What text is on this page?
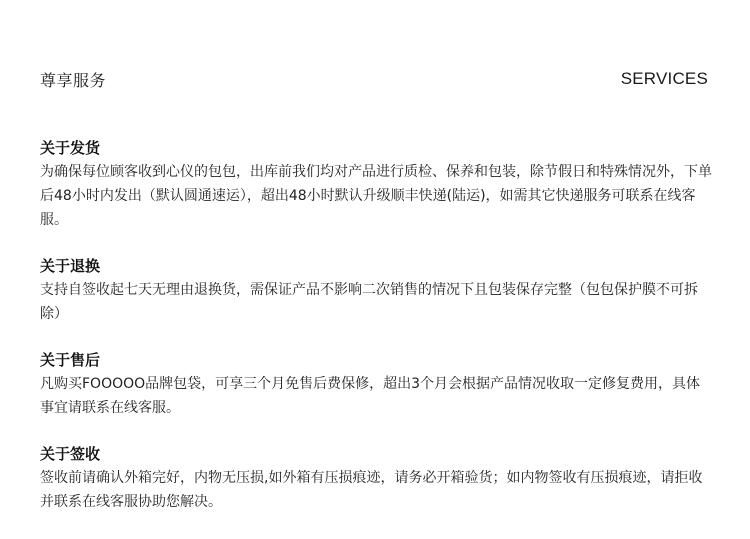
尊享服务	SERVICES
关于发货
为确保每位顾客收到心仪的包包，出库前我们均对产品进行质检、保养和包装，除节假日和特殊情况外，下单后48小时内发出（默认圆通速运），超出48小时默认升级顺丰快递(陆运)，如需其它快递服务可联系在线客服。
关于退换
支持自签收起七天无理由退换货，需保证产品不影响二次销售的情况下且包装保存完整（包包保护膜不可拆除）
关于售后
凡购买FOOOOO品牌包袋，可享三个月免售后费保修，超出3个月会根据产品情况收取一定修复费用，具体事宜请联系在线客服。
关于签收
签收前请确认外箱完好，内物无压损,如外箱有压损痕迹，请务必开箱验货；如内物签收有压损痕迹，请拒收并联系在线客服协助您解决。
